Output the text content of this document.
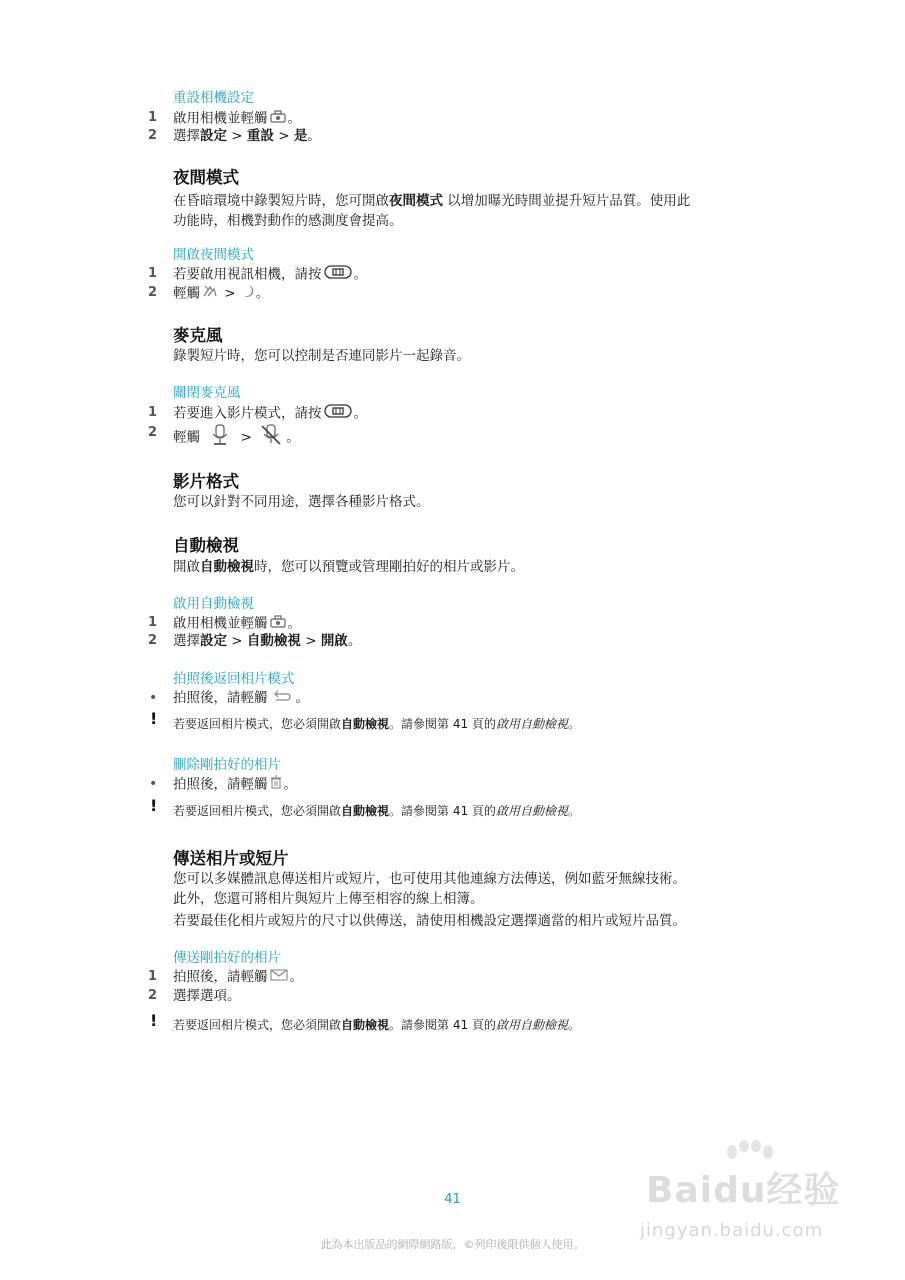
重設相機設定
1 啟用相機並輕觸 。
2 選擇設定 > 重設 > 是。
夜間模式
在昏暗環境中錄製短片時，您可開啟夜間模式 以增加曝光時間並提升短片品質。使用此
功能時，相機對動作的感測度會提高。
開啟夜間模式
1 若要啟用視訊相機，請按 。
2 輕觸 > 。
麥克風
錄製短片時，您可以控制是否連同影片一起錄音。
關閉麥克風
1 若要進入影片模式，請按 。
2 輕觸	> 。
影片格式
您可以針對不同用途，選擇各種影片格式。
自動檢視
開啟自動檢視時，您可以預覽或管理剛拍好的相片或影片。
啟用自動檢視
1 啟用相機並輕觸 。
2 選擇設定 > 自動檢視 > 開啟。
拍照後返回相片模式
• 拍照後，請輕觸 。
! 若要返回相片模式，您必須開啟自動檢視。請參閱第 41 頁的啟用自動檢視。
刪除剛拍好的相片
• 拍照後，請輕觸 。
! 若要返回相片模式，您必須開啟自動檢視。請參閱第 41 頁的啟用自動檢視。
傳送相片或短片
您可以多媒體訊息傳送相片或短片，也可使用其他連線方法傳送，例如藍牙無線技術。
此外，您還可將相片與短片上傳至相容的線上相簿。
若要最佳化相片或短片的尺寸以供傳送，請使用相機設定選擇適當的相片或短片品質。
傳送剛拍好的相片
1 拍照後，請輕觸 。
2 選擇選項。
! 若要返回相片模式，您必須開啟自動檢視。請參閱第 41 頁的啟用自動檢視。
41
此為本出版品的網際網路版，©列印後限供個人使用。
Baidu经验
jingyan.baidu.com
